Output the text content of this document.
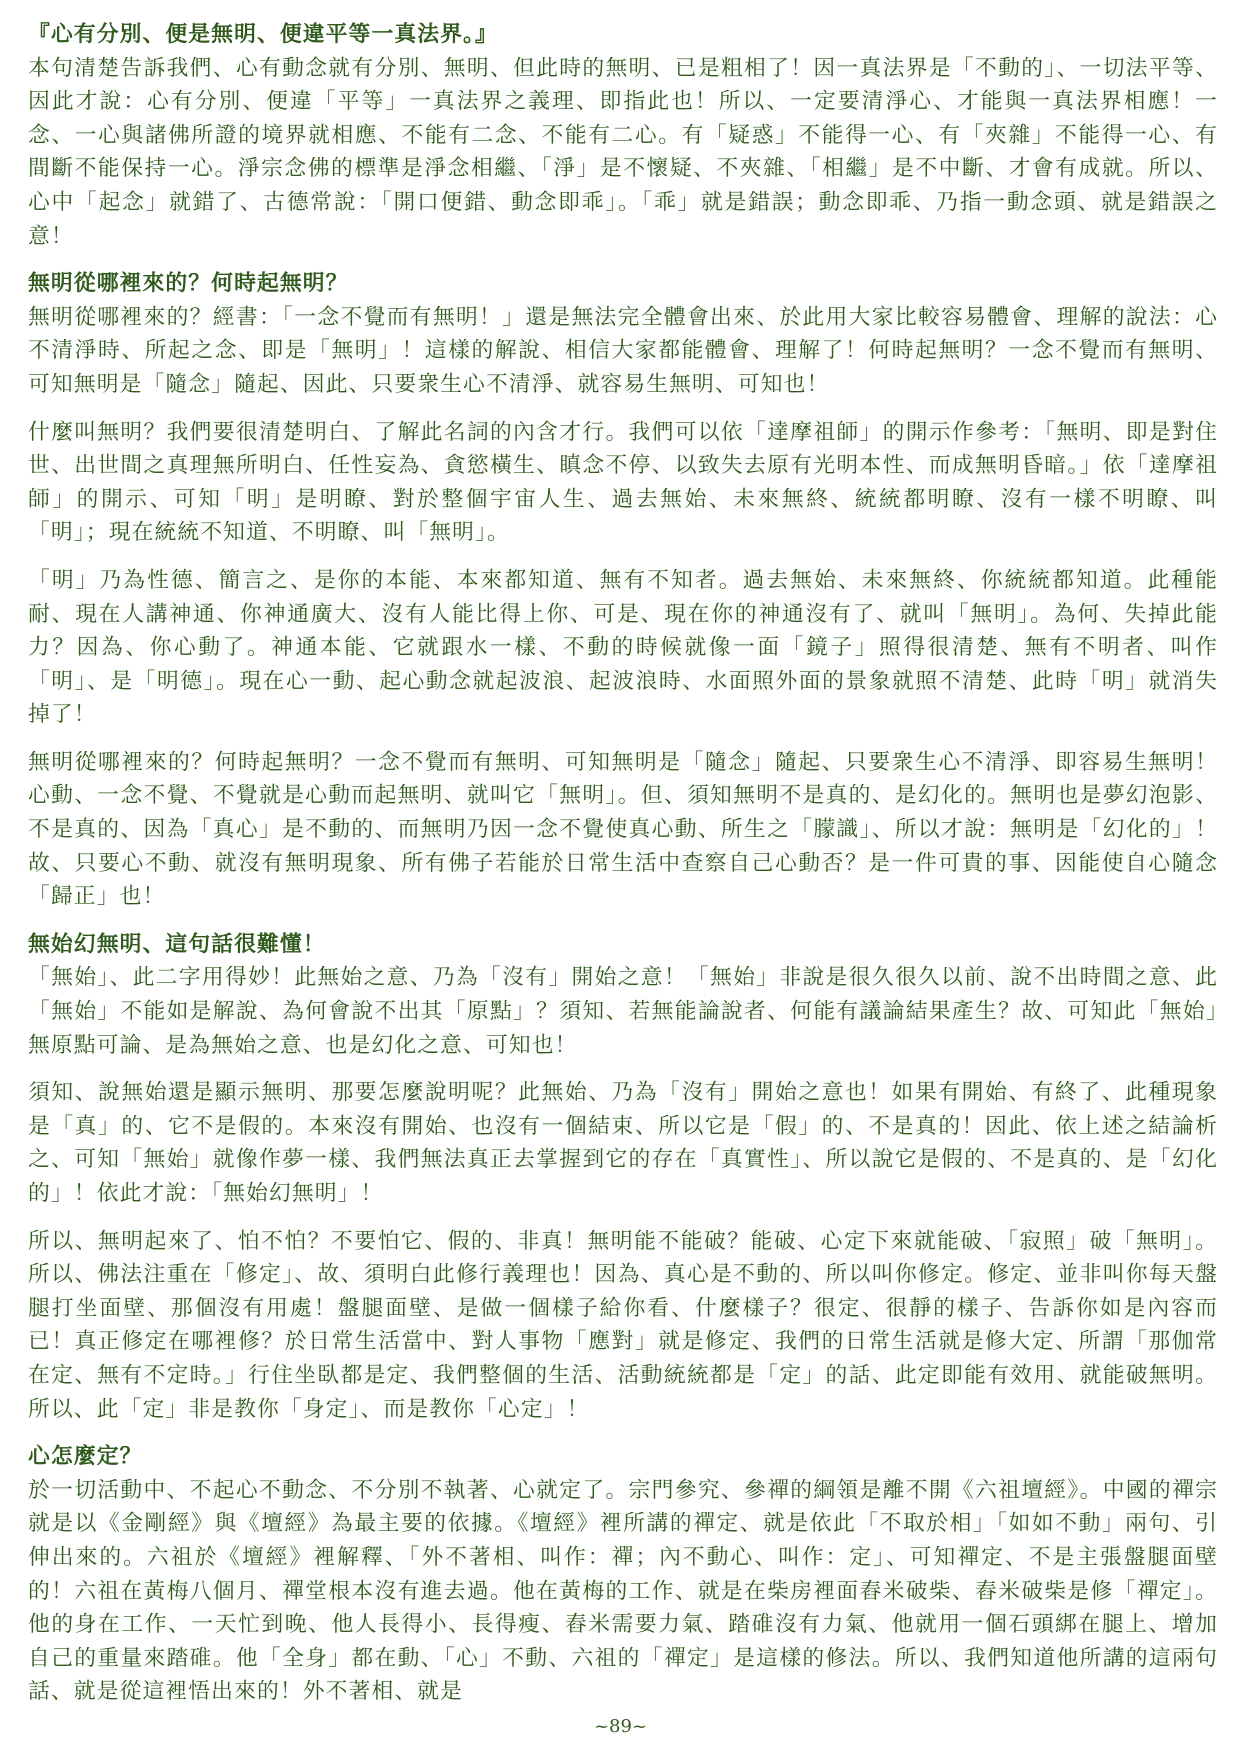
『心有分別、便是無明、便違平等一真法界。』

本句清楚告訴我們、心有動念就有分別、無明、但此時的無明、已是粗相了！因一真法界是「不動的」、一切法平等、因此才說：心有分別、便違「平等」一真法界之義理、即指此也！所以、一定要清淨心、才能與一真法界相應！一念、一心與諸佛所證的境界就相應、不能有二念、不能有二心。有「疑惑」不能得一心、有「夾雜」不能得一心、有間斷不能保持一心。淨宗念佛的標準是淨念相繼、「淨」是不懷疑、不夾雜、「相繼」是不中斷、才會有成就。所以、心中「起念」就錯了、古德常說：「開口便錯、動念即乖」。「乖」就是錯誤；動念即乖、乃指一動念頭、就是錯誤之意！

無明從哪裡來的？何時起無明？

無明從哪裡來的？經書：「一念不覺而有無明！」還是無法完全體會出來、於此用大家比較容易體會、理解的說法：心不清淨時、所起之念、即是「無明」！這樣的解說、相信大家都能體會、理解了！何時起無明？一念不覺而有無明、可知無明是「隨念」隨起、因此、只要衆生心不清淨、就容易生無明、可知也！

什麼叫無明？我們要很清楚明白、了解此名詞的內含才行。我們可以依「達摩祖師」的開示作參考：「無明、即是對住世、出世間之真理無所明白、任性妄為、貪慾橫生、瞋念不停、以致失去原有光明本性、而成無明昏暗。」依「達摩祖師」的開示、可知「明」是明瞭、對於整個宇宙人生、過去無始、未來無終、統統都明瞭、沒有一樣不明瞭、叫「明」；現在統統不知道、不明瞭、叫「無明」。

「明」乃為性德、簡言之、是你的本能、本來都知道、無有不知者。過去無始、未來無終、你統統都知道。此種能耐、現在人講神通、你神通廣大、沒有人能比得上你、可是、現在你的神通沒有了、就叫「無明」。為何、失掉此能力？因為、你心動了。神通本能、它就跟水一樣、不動的時候就像一面「鏡子」照得很清楚、無有不明者、叫作「明」、是「明德」。現在心一動、起心動念就起波浪、起波浪時、水面照外面的景象就照不清楚、此時「明」就消失掉了！

無明從哪裡來的？何時起無明？一念不覺而有無明、可知無明是「隨念」隨起、只要衆生心不清淨、即容易生無明！心動、一念不覺、不覺就是心動而起無明、就叫它「無明」。但、須知無明不是真的、是幻化的。無明也是夢幻泡影、不是真的、因為「真心」是不動的、而無明乃因一念不覺使真心動、所生之「朦識」、所以才說：無明是「幻化的」！故、只要心不動、就沒有無明現象、所有佛子若能於日常生活中查察自己心動否？是一件可貴的事、因能使自心隨念「歸正」也！

無始幻無明、這句話很難懂！

「無始」、此二字用得妙！此無始之意、乃為「沒有」開始之意！「無始」非說是很久很久以前、說不出時間之意、此「無始」不能如是解說、為何會說不出其「原點」？須知、若無能論說者、何能有議論結果產生？故、可知此「無始」無原點可論、是為無始之意、也是幻化之意、可知也！

須知、說無始還是顯示無明、那要怎麼說明呢？此無始、乃為「沒有」開始之意也！如果有開始、有終了、此種現象是「真」的、它不是假的。本來沒有開始、也沒有一個結束、所以它是「假」的、不是真的！因此、依上述之結論析之、可知「無始」就像作夢一樣、我們無法真正去掌握到它的存在「真實性」、所以說它是假的、不是真的、是「幻化的」！依此才說：「無始幻無明」！

所以、無明起來了、怕不怕？不要怕它、假的、非真！無明能不能破？能破、心定下來就能破、「寂照」破「無明」。所以、佛法注重在「修定」、故、須明白此修行義理也！因為、真心是不動的、所以叫你修定。修定、並非叫你每天盤腿打坐面壁、那個沒有用處！盤腿面壁、是做一個樣子給你看、什麼樣子？很定、很靜的樣子、告訴你如是內容而已！真正修定在哪裡修？於日常生活當中、對人事物「應對」就是修定、我們的日常生活就是修大定、所謂「那伽常在定、無有不定時。」行住坐臥都是定、我們整個的生活、活動統統都是「定」的話、此定即能有效用、就能破無明。所以、此「定」非是教你「身定」、而是教你「心定」！

心怎麼定？

於一切活動中、不起心不動念、不分別不執著、心就定了。宗門參究、參禪的綱領是離不開《六祖壇經》。中國的禪宗就是以《金剛經》與《壇經》為最主要的依據。《壇經》裡所講的禪定、就是依此「不取於相」「如如不動」兩句、引伸出來的。六祖於《壇經》裡解釋、「外不著相、叫作：禪；內不動心、叫作：定」、可知禪定、不是主張盤腿面壁的！六祖在黃梅八個月、禪堂根本沒有進去過。他在黃梅的工作、就是在柴房裡面舂米破柴、舂米破柴是修「禪定」。他的身在工作、一天忙到晚、他人長得小、長得瘦、舂米需要力氣、踏碓沒有力氣、他就用一個石頭綁在腿上、增加自己的重量來踏碓。他「全身」都在動、「心」不動、六祖的「禪定」是這樣的修法。所以、我們知道他所講的這兩句話、就是從這裡悟出來的！外不著相、就是

~89~
